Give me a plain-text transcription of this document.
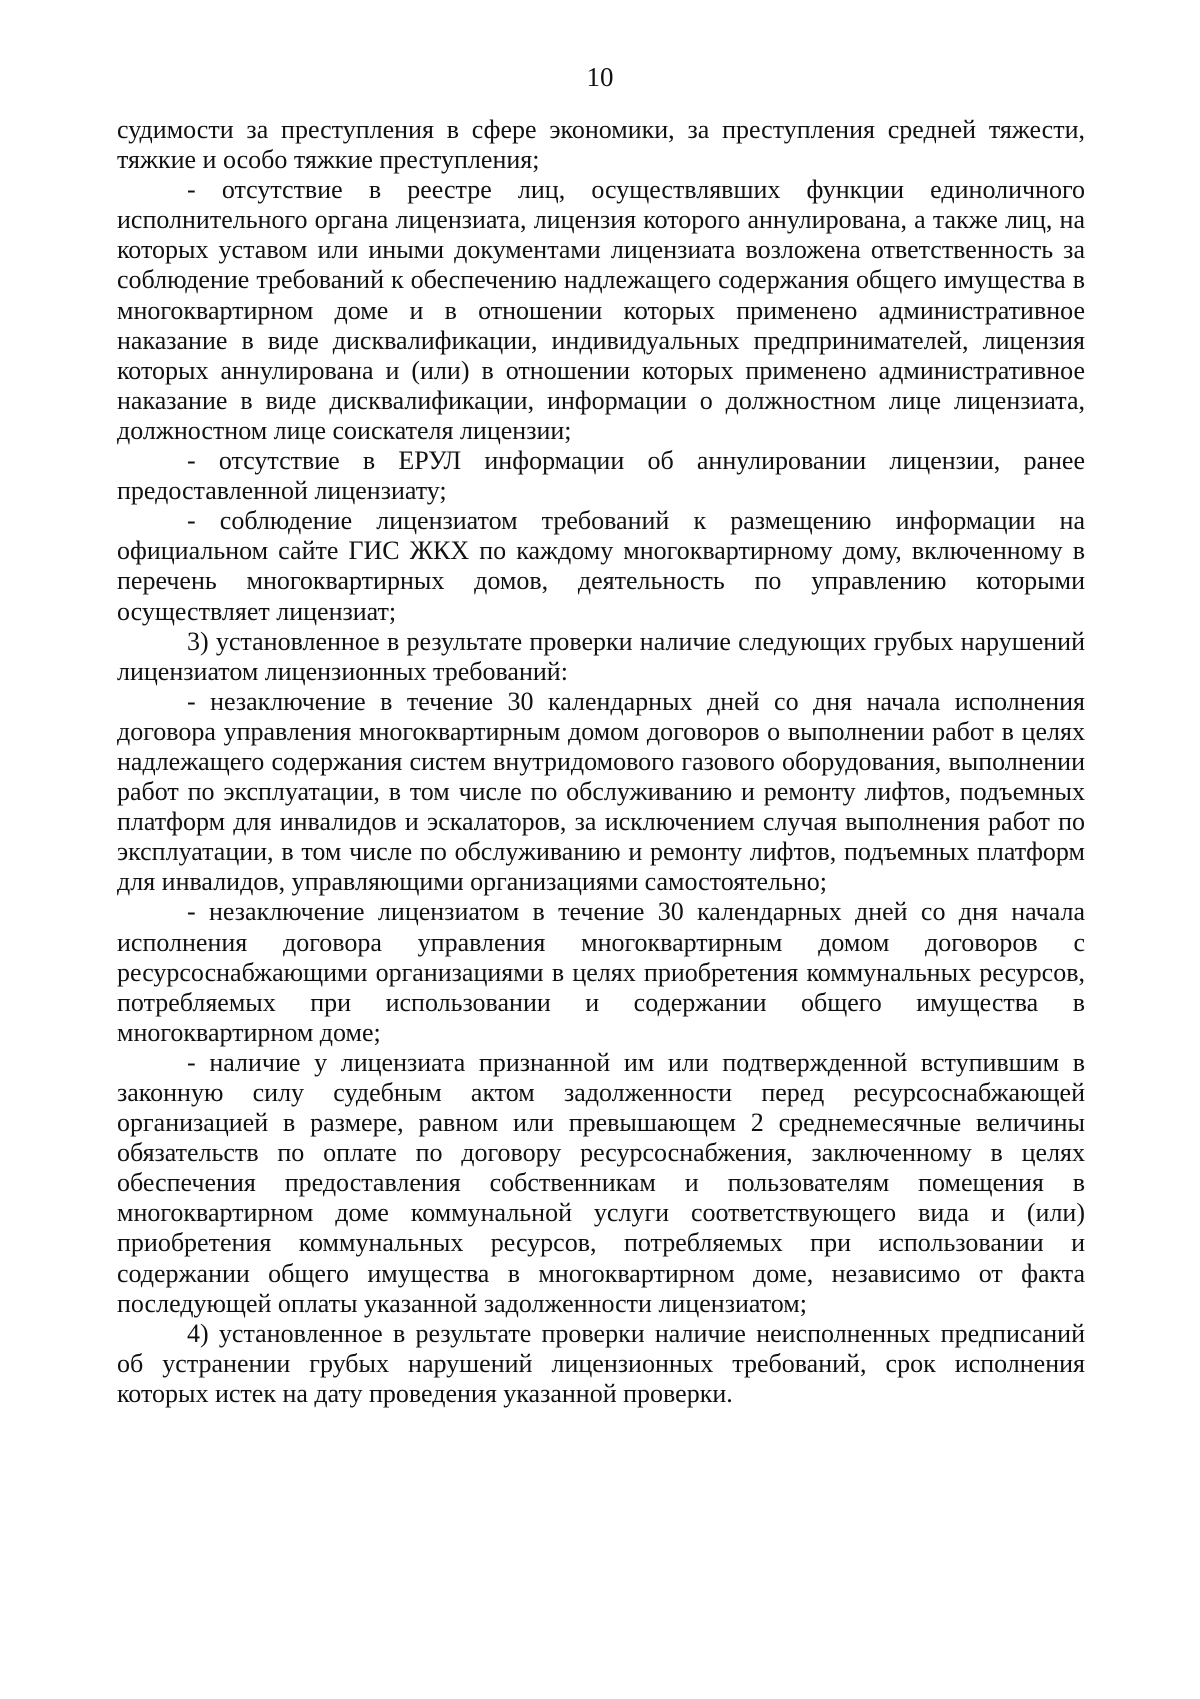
10

судимости за преступления в сфере экономики, за преступления средней тяжести, тяжкие и особо тяжкие преступления;

- отсутствие в реестре лиц, осуществлявших функции единоличного исполнительного органа лицензиата, лицензия которого аннулирована, а также лиц, на которых уставом или иными документами лицензиата возложена ответственность за соблюдение требований к обеспечению надлежащего содержания общего имущества в многоквартирном доме и в отношении которых применено административное наказание в виде дисквалификации, индивидуальных предпринимателей, лицензия которых аннулирована и (или) в отношении которых применено административное наказание в виде дисквалификации, информации о должностном лице лицензиата, должностном лице соискателя лицензии;

- отсутствие в ЕРУЛ информации об аннулировании лицензии, ранее предоставленной лицензиату;

- соблюдение лицензиатом требований к размещению информации на официальном сайте ГИС ЖКХ по каждому многоквартирному дому, включенному в перечень многоквартирных домов, деятельность по управлению которыми осуществляет лицензиат;

3) установленное в результате проверки наличие следующих грубых нарушений лицензиатом лицензионных требований:

- незаключение в течение 30 календарных дней со дня начала исполнения договора управления многоквартирным домом договоров о выполнении работ в целях надлежащего содержания систем внутридомового газового оборудования, выполнении работ по эксплуатации, в том числе по обслуживанию и ремонту лифтов, подъемных платформ для инвалидов и эскалаторов, за исключением случая выполнения работ по эксплуатации, в том числе по обслуживанию и ремонту лифтов, подъемных платформ для инвалидов, управляющими организациями самостоятельно;

- незаключение лицензиатом в течение 30 календарных дней со дня начала исполнения договора управления многоквартирным домом договоров с ресурсоснабжающими организациями в целях приобретения коммунальных ресурсов, потребляемых при использовании и содержании общего имущества в многоквартирном доме;

- наличие у лицензиата признанной им или подтвержденной вступившим в законную силу судебным актом задолженности перед ресурсоснабжающей организацией в размере, равном или превышающем 2 среднемесячные величины обязательств по оплате по договору ресурсоснабжения, заключенному в целях обеспечения предоставления собственникам и пользователям помещения в многоквартирном доме коммунальной услуги соответствующего вида и (или) приобретения коммунальных ресурсов, потребляемых при использовании и содержании общего имущества в многоквартирном доме, независимо от факта последующей оплаты указанной задолженности лицензиатом;

4) установленное в результате проверки наличие неисполненных предписаний об устранении грубых нарушений лицензионных требований, срок исполнения которых истек на дату проведения указанной проверки.
